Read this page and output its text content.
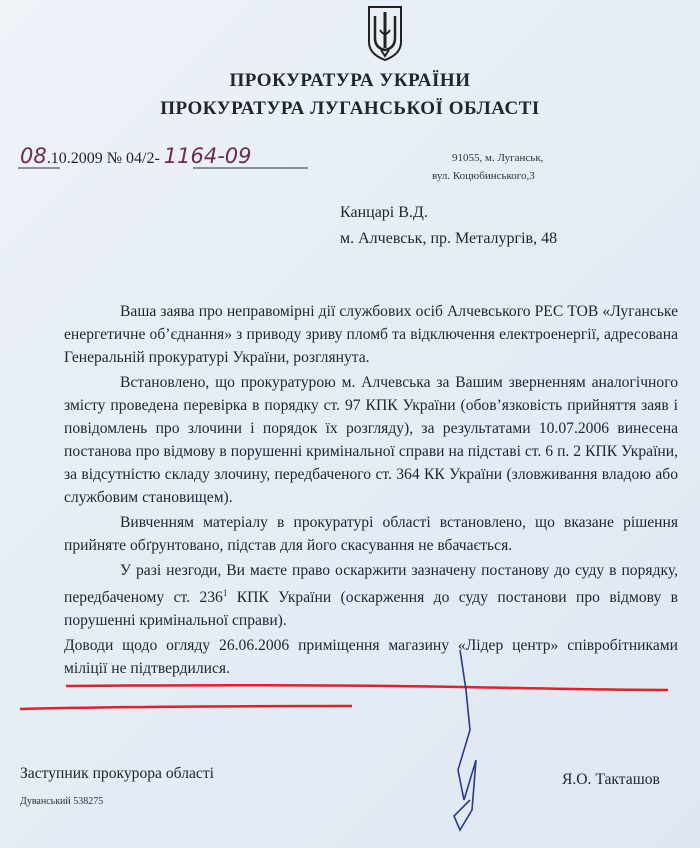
ПРОКУРАТУРА УКРАЇНИ
ПРОКУРАТУРА ЛУГАНСЬКОЇ ОБЛАСТІ
08.10.2009 № 04/2- 1164-09	91055, м. Луганськ,
вул. Коцюбинського,3
Канцарі В.Д.
м. Алчевськ, пр. Металургів, 48

Ваша заява про неправомірні дії службових осіб Алчевського РЕС ТОВ «Луганське енергетичне об’єднання» з приводу зриву пломб та відключення електроенергії, адресована Генеральній прокуратурі України, розглянута.

Встановлено, що прокуратурою м. Алчевська за Вашим зверненням аналогічного змісту проведена перевірка в порядку ст. 97 КПК України (обов’язковість прийняття заяв і повідомлень про злочини і порядок їх розгляду), за результатами 10.07.2006 винесена постанова про відмову в порушенні кримінальної справи на підставі ст. 6 п. 2 КПК України, за відсутністю складу злочину, передбаченого ст. 364 КК України (зловживання владою або службовим становищем).

Вивченням матеріалу в прокуратурі області встановлено, що вказане рішення прийняте обґрунтовано, підстав для його скасування не вбачається.

У разі незгоди, Ви маєте право оскаржити зазначену постанову до суду в порядку, передбаченому ст. $236^1$ КПК України (оскарження до суду постанови про відмову в порушенні кримінальної справи).

Доводи щодо огляду 26.06.2006 приміщення магазину «Лідер центр» співробітниками міліції не підтвердилися.

Заступник прокурора області	Я.О. Такташов
Дуванський 538275
